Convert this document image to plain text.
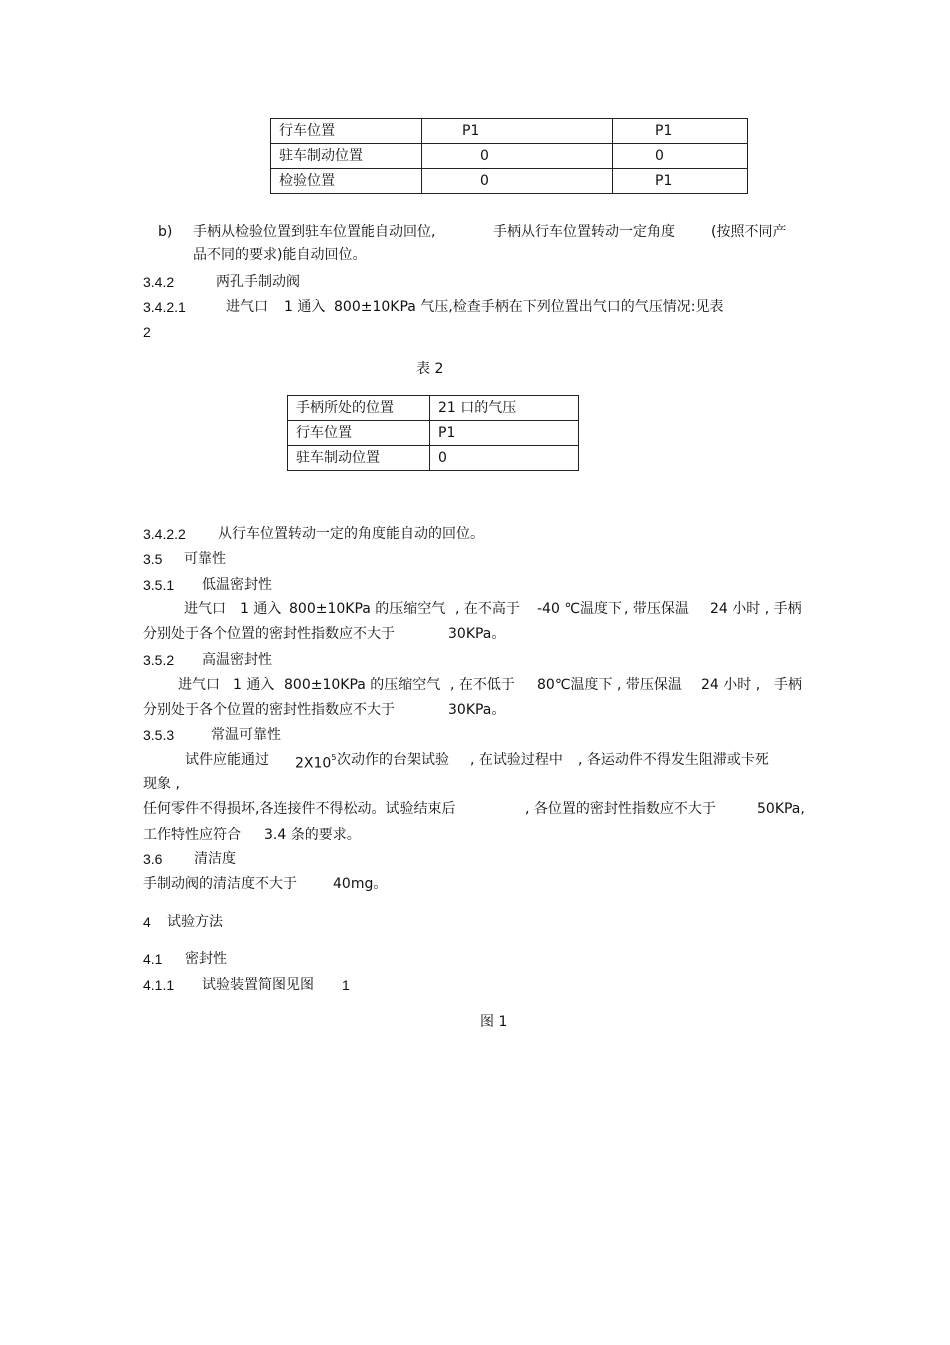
行车位置	P1	P1
驻车制动位置	0	0
检验位置	0	P1
b) 手柄从检验位置到驻车位置能自动回位,	手柄从行车位置转动一定角度	(按照不同产
品不同的要求)能自动回位。
3.4.2	两孔手制动阀
3.4.2.1	进气口 1 通入 800±10KPa 气压,检查手柄在下列位置出气口的气压情况:见表
2
表 2
手柄所处的位置	21 口的气压
行车位置	P1
驻车制动位置	0
3.4.2.2 从行车位置转动一定的角度能自动的回位。
3.5 可靠性
3.5.1 低温密封性
进气口 1 通入 800±10KPa 的压缩空气 , 在不高于 -40 ℃温度下 , 带压保温 24 小时 , 手柄
分别处于各个位置的密封性指数应不大于	30KPa。
3.5.2 高温密封性
进气口 1 通入 800±10KPa 的压缩空气 , 在不低于 80℃温度下 , 带压保温 24 小时 , 手柄
分别处于各个位置的密封性指数应不大于	30KPa。
3.5.3	常温可靠性
试件应能通过 $2X10^5$ 次动作的台架试验 , 在试验过程中 , 各运动件不得发生阻滞或卡死
现象 ,
任何零件不得损坏,各连接件不得松动。试验结束后	, 各位置的密封性指数应不大于	50KPa,
工作特性应符合 3.4 条的要求。
3.6 清洁度
手制动阀的清洁度不大于	40mg。
4 试验方法
4.1 密封性
4.1.1 试验装置简图见图 1
图 1
